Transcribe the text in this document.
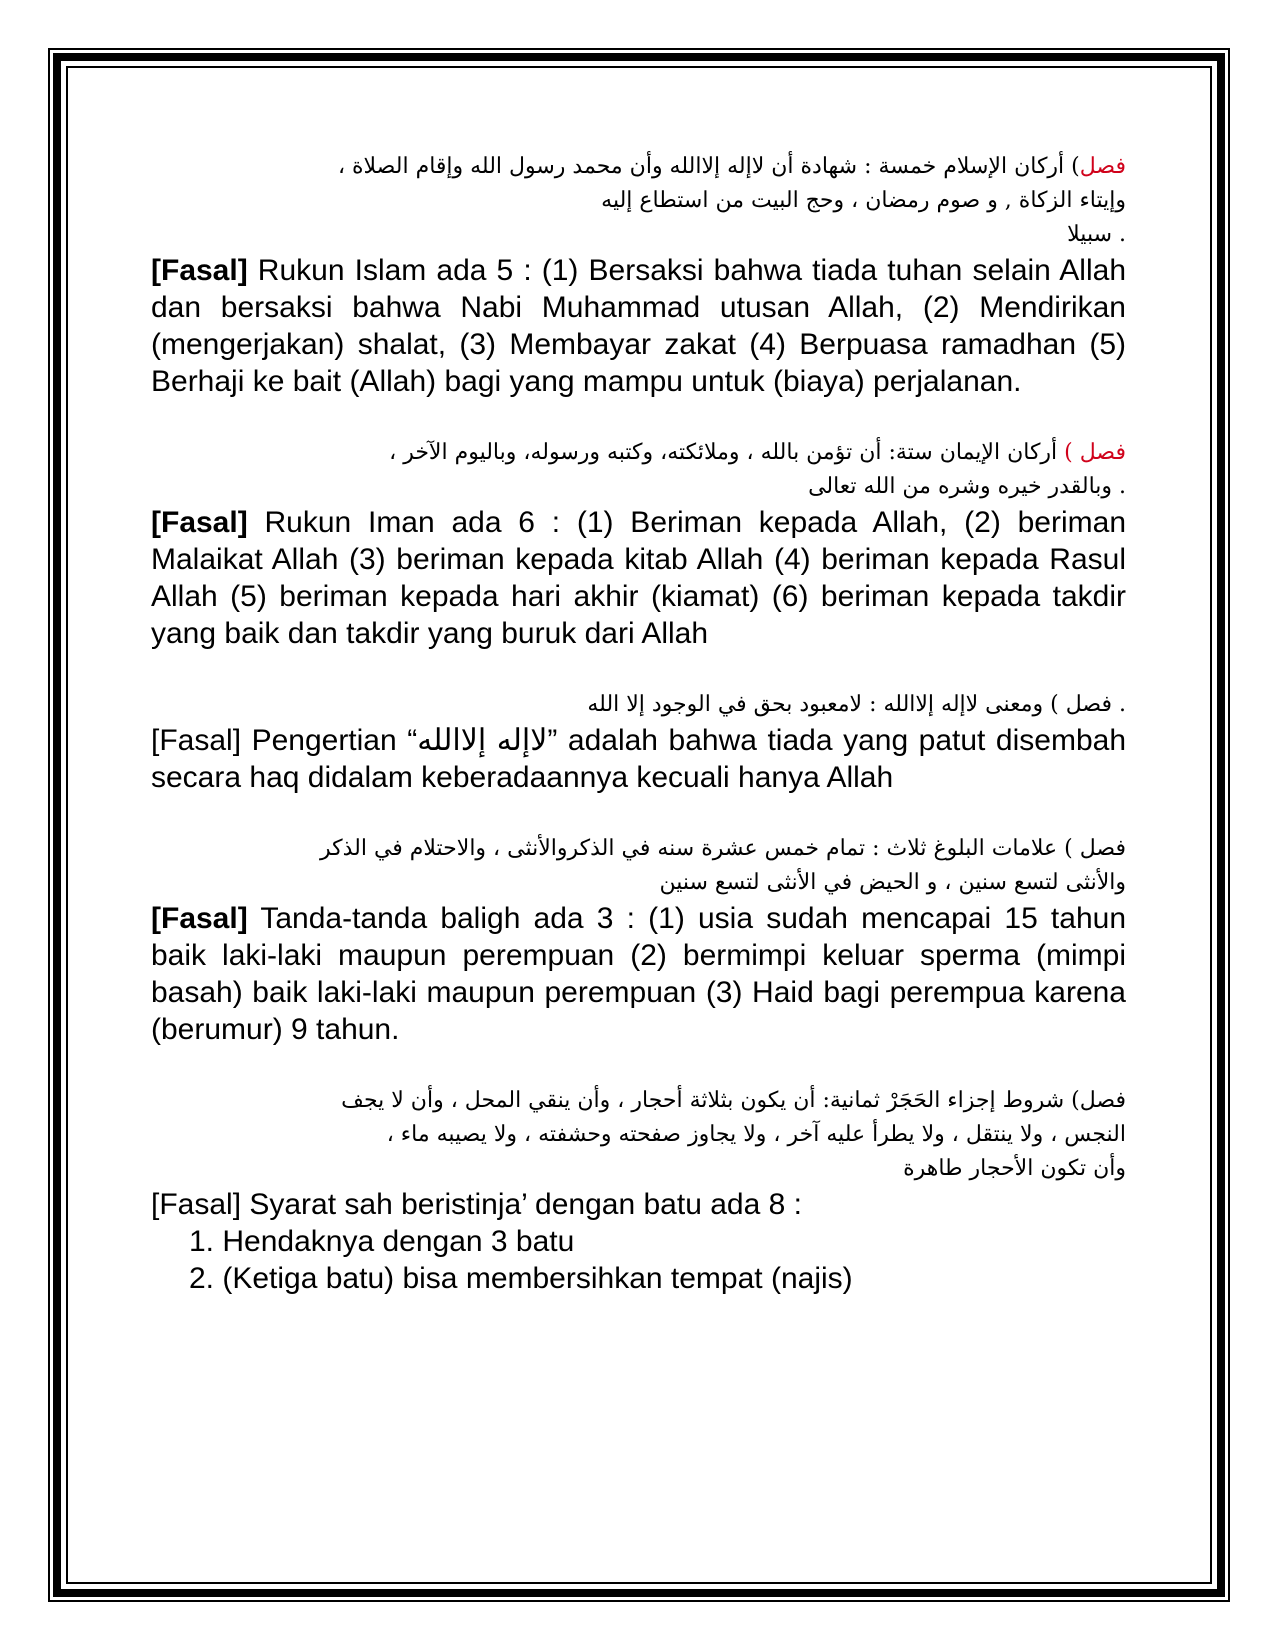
فصل) أركان الإسلام خمسة : شهادة أن لاإله إلاالله وأن محمد رسول الله وإقام الصلاة ،
وإيتاء الزكاة , و صوم رمضان ، وحج البيت من استطاع إليه
. سبيلا
[Fasal] Rukun Islam ada 5 : (1) Bersaksi bahwa tiada tuhan selain Allah dan bersaksi bahwa Nabi Muhammad utusan Allah, (2) Mendirikan (mengerjakan) shalat, (3) Membayar zakat (4) Berpuasa ramadhan (5) Berhaji ke bait (Allah) bagi yang mampu untuk (biaya) perjalanan.
فصل ) أركان الإيمان ستة: أن تؤمن بالله ، وملائكته، وكتبه ورسوله، وباليوم الآخر ،
. وبالقدر خيره وشره من الله تعالى
[Fasal] Rukun Iman ada 6 : (1) Beriman kepada Allah, (2) beriman Malaikat Allah (3) beriman kepada kitab Allah (4) beriman kepada Rasul Allah (5) beriman kepada hari akhir (kiamat) (6) beriman kepada takdir yang baik dan takdir yang buruk dari Allah
. فصل ) ومعنى لاإله إلاالله : لامعبود بحق في الوجود إلا الله
[Fasal] Pengertian “لاإله إلاالله” adalah bahwa tiada yang patut disembah secara haq didalam keberadaannya kecuali hanya Allah
فصل ) علامات البلوغ ثلاث : تمام خمس عشرة سنه في الذكروالأنثى ، والاحتلام في الذكر
والأنثى لتسع سنين ، و الحيض في الأنثى لتسع سنين
[Fasal] Tanda-tanda baligh ada 3 : (1) usia sudah mencapai 15 tahun baik laki-laki maupun perempuan (2) bermimpi keluar sperma (mimpi basah) baik laki-laki maupun perempuan (3) Haid bagi perempua karena (berumur) 9 tahun.
فصل) شروط إجزاء الحَجَرْ ثمانية: أن يكون بثلاثة أحجار ، وأن ينقي المحل ، وأن لا يجف
النجس ، ولا ينتقل ، ولا يطرأ عليه آخر ، ولا يجاوز صفحته وحشفته ، ولا يصيبه ماء ،
وأن تكون الأحجار طاهرة
[Fasal] Syarat sah beristinja’ dengan batu ada 8 :
1. Hendaknya dengan 3 batu
2. (Ketiga batu) bisa membersihkan tempat (najis)
